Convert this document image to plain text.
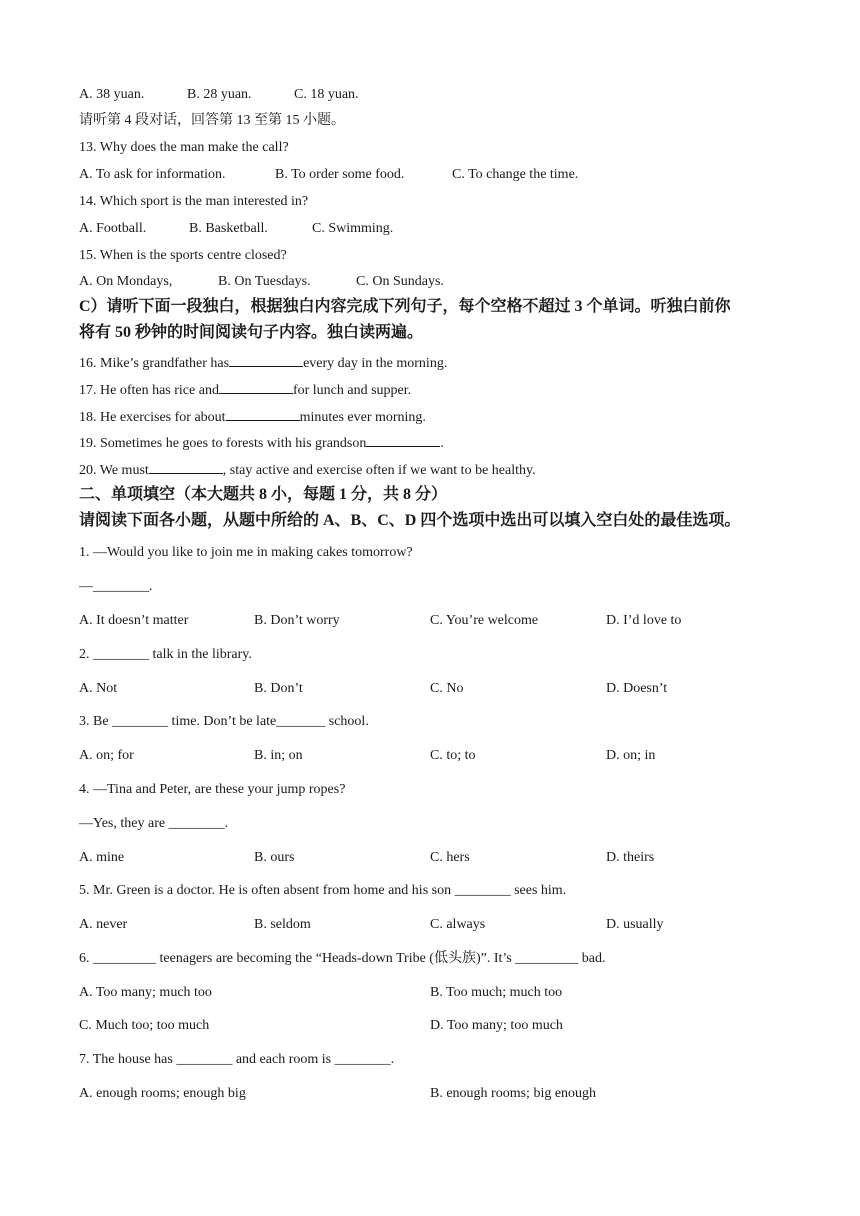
A. 38 yuan.	B. 28 yuan.	C. 18 yuan.
请听第 4 段对话，回答第 13 至第 15 小题。
13. Why does the man make the call?
A. To ask for information.	B. To order some food.	C. To change the time.
14. Which sport is the man interested in?
A. Football.	B. Basketball.	C. Swimming.
15. When is the sports centre closed?
A. On Mondays,	B. On Tuesdays.	C. On Sundays.
C）请听下面一段独白，根据独白内容完成下列句子，每个空格不超过 3 个单词。听独白前你
将有 50 秒钟的时间阅读句子内容。独白读两遍。
16. Mike’s grandfather has	every day in the morning.
17. He often has rice and	for lunch and supper.
18. He exercises for about	minutes ever morning.
19. Sometimes he goes to forests with his grandson	.
20. We must	, stay active and exercise often if we want to be healthy.
二、单项填空（本大题共 8 小，每题 1 分，共 8 分）
请阅读下面各小题，从题中所给的 A、B、C、D 四个选项中选出可以填入空白处的最佳选项。
1. —Would you like to join me in making cakes tomorrow?
—________.
A. It doesn’t matter	B. Don’t worry	C. You’re welcome	D. I’d love to
2. ________ talk in the library.
A. Not	B. Don’t	C. No	D. Doesn’t
3. Be ________ time. Don’t be late_______ school.
A. on; for	B. in; on	C. to; to	D. on; in
4. —Tina and Peter, are these your jump ropes?
—Yes, they are ________.
A. mine	B. ours	C. hers	D. theirs
5. Mr. Green is a doctor. He is often absent from home and his son ________ sees him.
A. never	B. seldom	C. always	D. usually
6. _________ teenagers are becoming the “Heads-down Tribe (低头族)”. It’s _________ bad.
A. Too many; much too	B. Too much; much too
C. Much too; too much	D. Too many; too much
7. The house has ________ and each room is ________.
A. enough rooms; enough big	B. enough rooms; big enough
